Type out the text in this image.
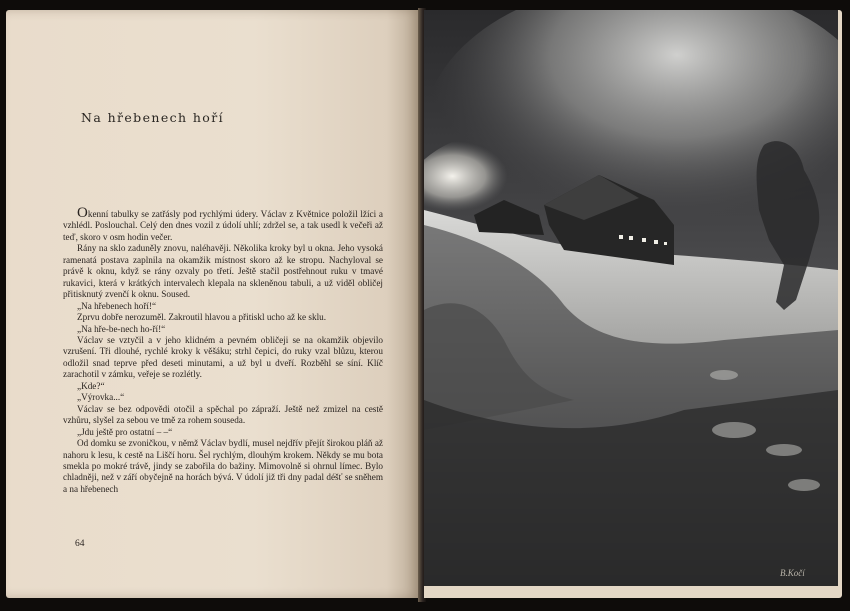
Na hřebenech hoří

Okenní tabulky se zatřásly pod rychlými údery. Václav z Květnice položil lžíci a vzhlédl. Poslouchal. Celý den dnes vozil z údolí uhlí; zdržel se, a tak usedl k večeři až teď, skoro v osm hodin večer.

Rány na sklo zaduněly znovu, naléhavěji. Několika kroky byl u okna. Jeho vysoká ramenatá postava zaplnila na okamžik místnost skoro až ke stropu. Nachyloval se právě k oknu, když se rány ozvaly po třetí. Ještě stačil postřehnout ruku v tmavé rukavici, která v krátkých intervalech klepala na skleněnou tabuli, a už viděl obličej přitisknutý zvenčí k oknu. Soused.

„Na hřebenech hoří!“

Zprvu dobře nerozuměl. Zakroutil hlavou a přitiskl ucho až ke sklu.

„Na hře-be-nech ho-ří!“

Václav se vztyčil a v jeho klidném a pevném obličeji se na okamžik objevilo vzrušení. Tři dlouhé, rychlé kroky k věšáku; strhl čepici, do ruky vzal blůzu, kterou odložil snad teprve před deseti minutami, a už byl u dveří. Rozběhl se síní. Klíč zarachotil v zámku, veřeje se rozlétly.

„Kde?“

„Výrovka...“

Václav se bez odpovědi otočil a spěchal po zápraží. Ještě než zmizel na cestě vzhůru, slyšel za sebou ve tmě za rohem souseda.

„Jdu ještě pro ostatní – –“

Od domku se zvoničkou, v němž Václav bydlí, musel nejdřív přejít širokou pláň až nahoru k lesu, k cestě na Liščí horu. Šel rychlým, dlouhým krokem. Někdy se mu bota smekla po mokré trávě, jindy se zabořila do bažiny. Mimovolně si ohrnul límec. Bylo chladněji, než v září obyčejně na horách bývá. V údolí již tři dny padal déšť se sněhem a na hřebenech

64
B.Kočí
